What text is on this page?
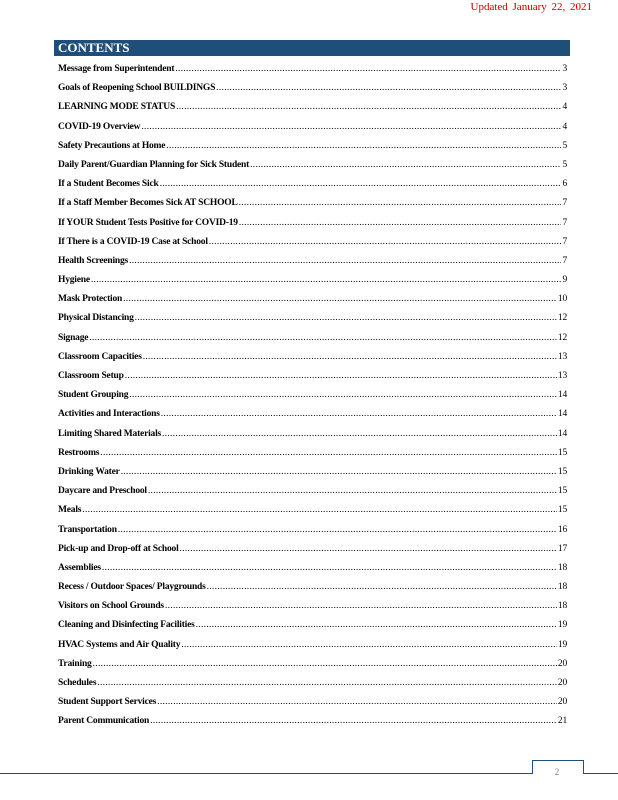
Updated January 22, 2021
CONTENTS
Message from Superintendent .....	3
Goals of Reopening School BUILDINGS .....	3
LEARNING MODE STATUS .....	4
COVID-19 Overview .....	4
Safety Precautions at Home .....	5
Daily Parent/Guardian Planning for Sick Student .....	5
If a Student Becomes Sick .....	6
If a Staff Member Becomes Sick AT SCHOOL .....	7
If YOUR Student Tests Positive for COVID-19 .....	7
If There is a COVID-19 Case at School .....	7
Health Screenings .....	7
Hygiene .....	9
Mask Protection .....	10
Physical Distancing .....	12
Signage .....	12
Classroom Capacities .....	13
Classroom Setup .....	13
Student Grouping .....	14
Activities and Interactions .....	14
Limiting Shared Materials .....	14
Restrooms .....	15
Drinking Water .....	15
Daycare and Preschool .....	15
Meals .....	15
Transportation .....	16
Pick-up and Drop-off at School .....	17
Assemblies .....	18
Recess / Outdoor Spaces/ Playgrounds .....	18
Visitors on School Grounds .....	18
Cleaning and Disinfecting Facilities .....	19
HVAC Systems and Air Quality .....	19
Training .....	20
Schedules .....	20
Student Support Services .....	20
Parent Communication .....	21
2
